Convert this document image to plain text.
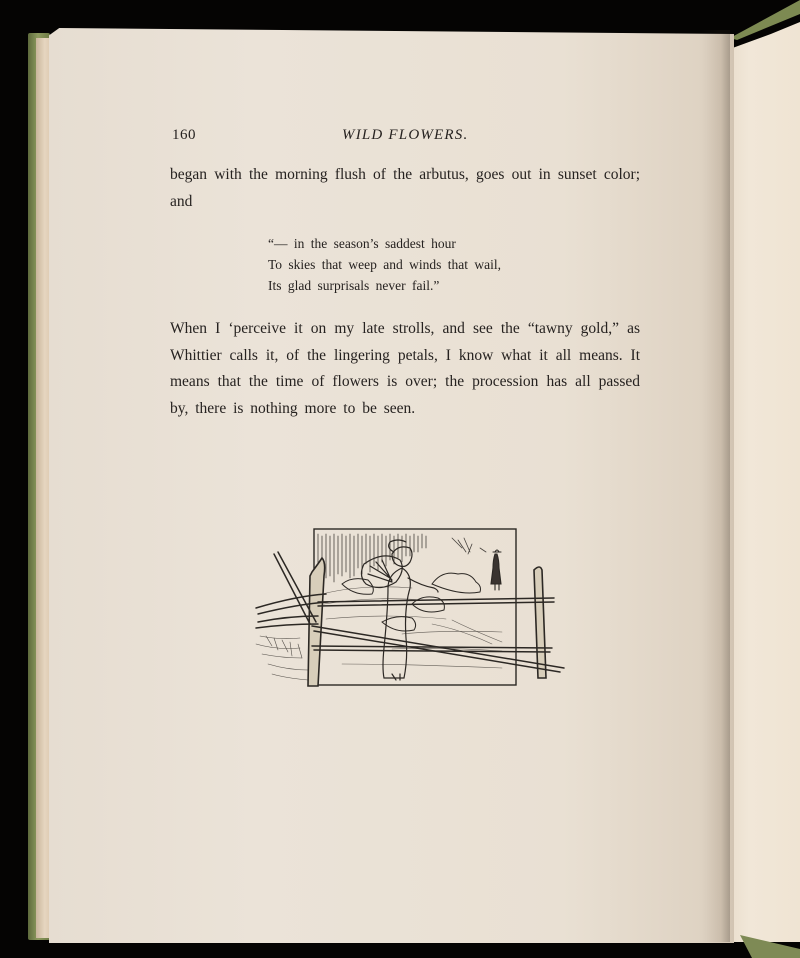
160	WILD FLOWERS.

began with the morning flush of the arbutus, goes out in sunset color; and

“— in the season’s saddest hour
To skies that weep and winds that wail,
Its glad surprisals never fail.”

When I ‘perceive it on my late strolls, and see the “tawny gold,” as Whittier calls it, of the lingering petals, I know what it all means. It means that the time of flowers is over; the procession has all passed by, there is nothing more to be seen.
